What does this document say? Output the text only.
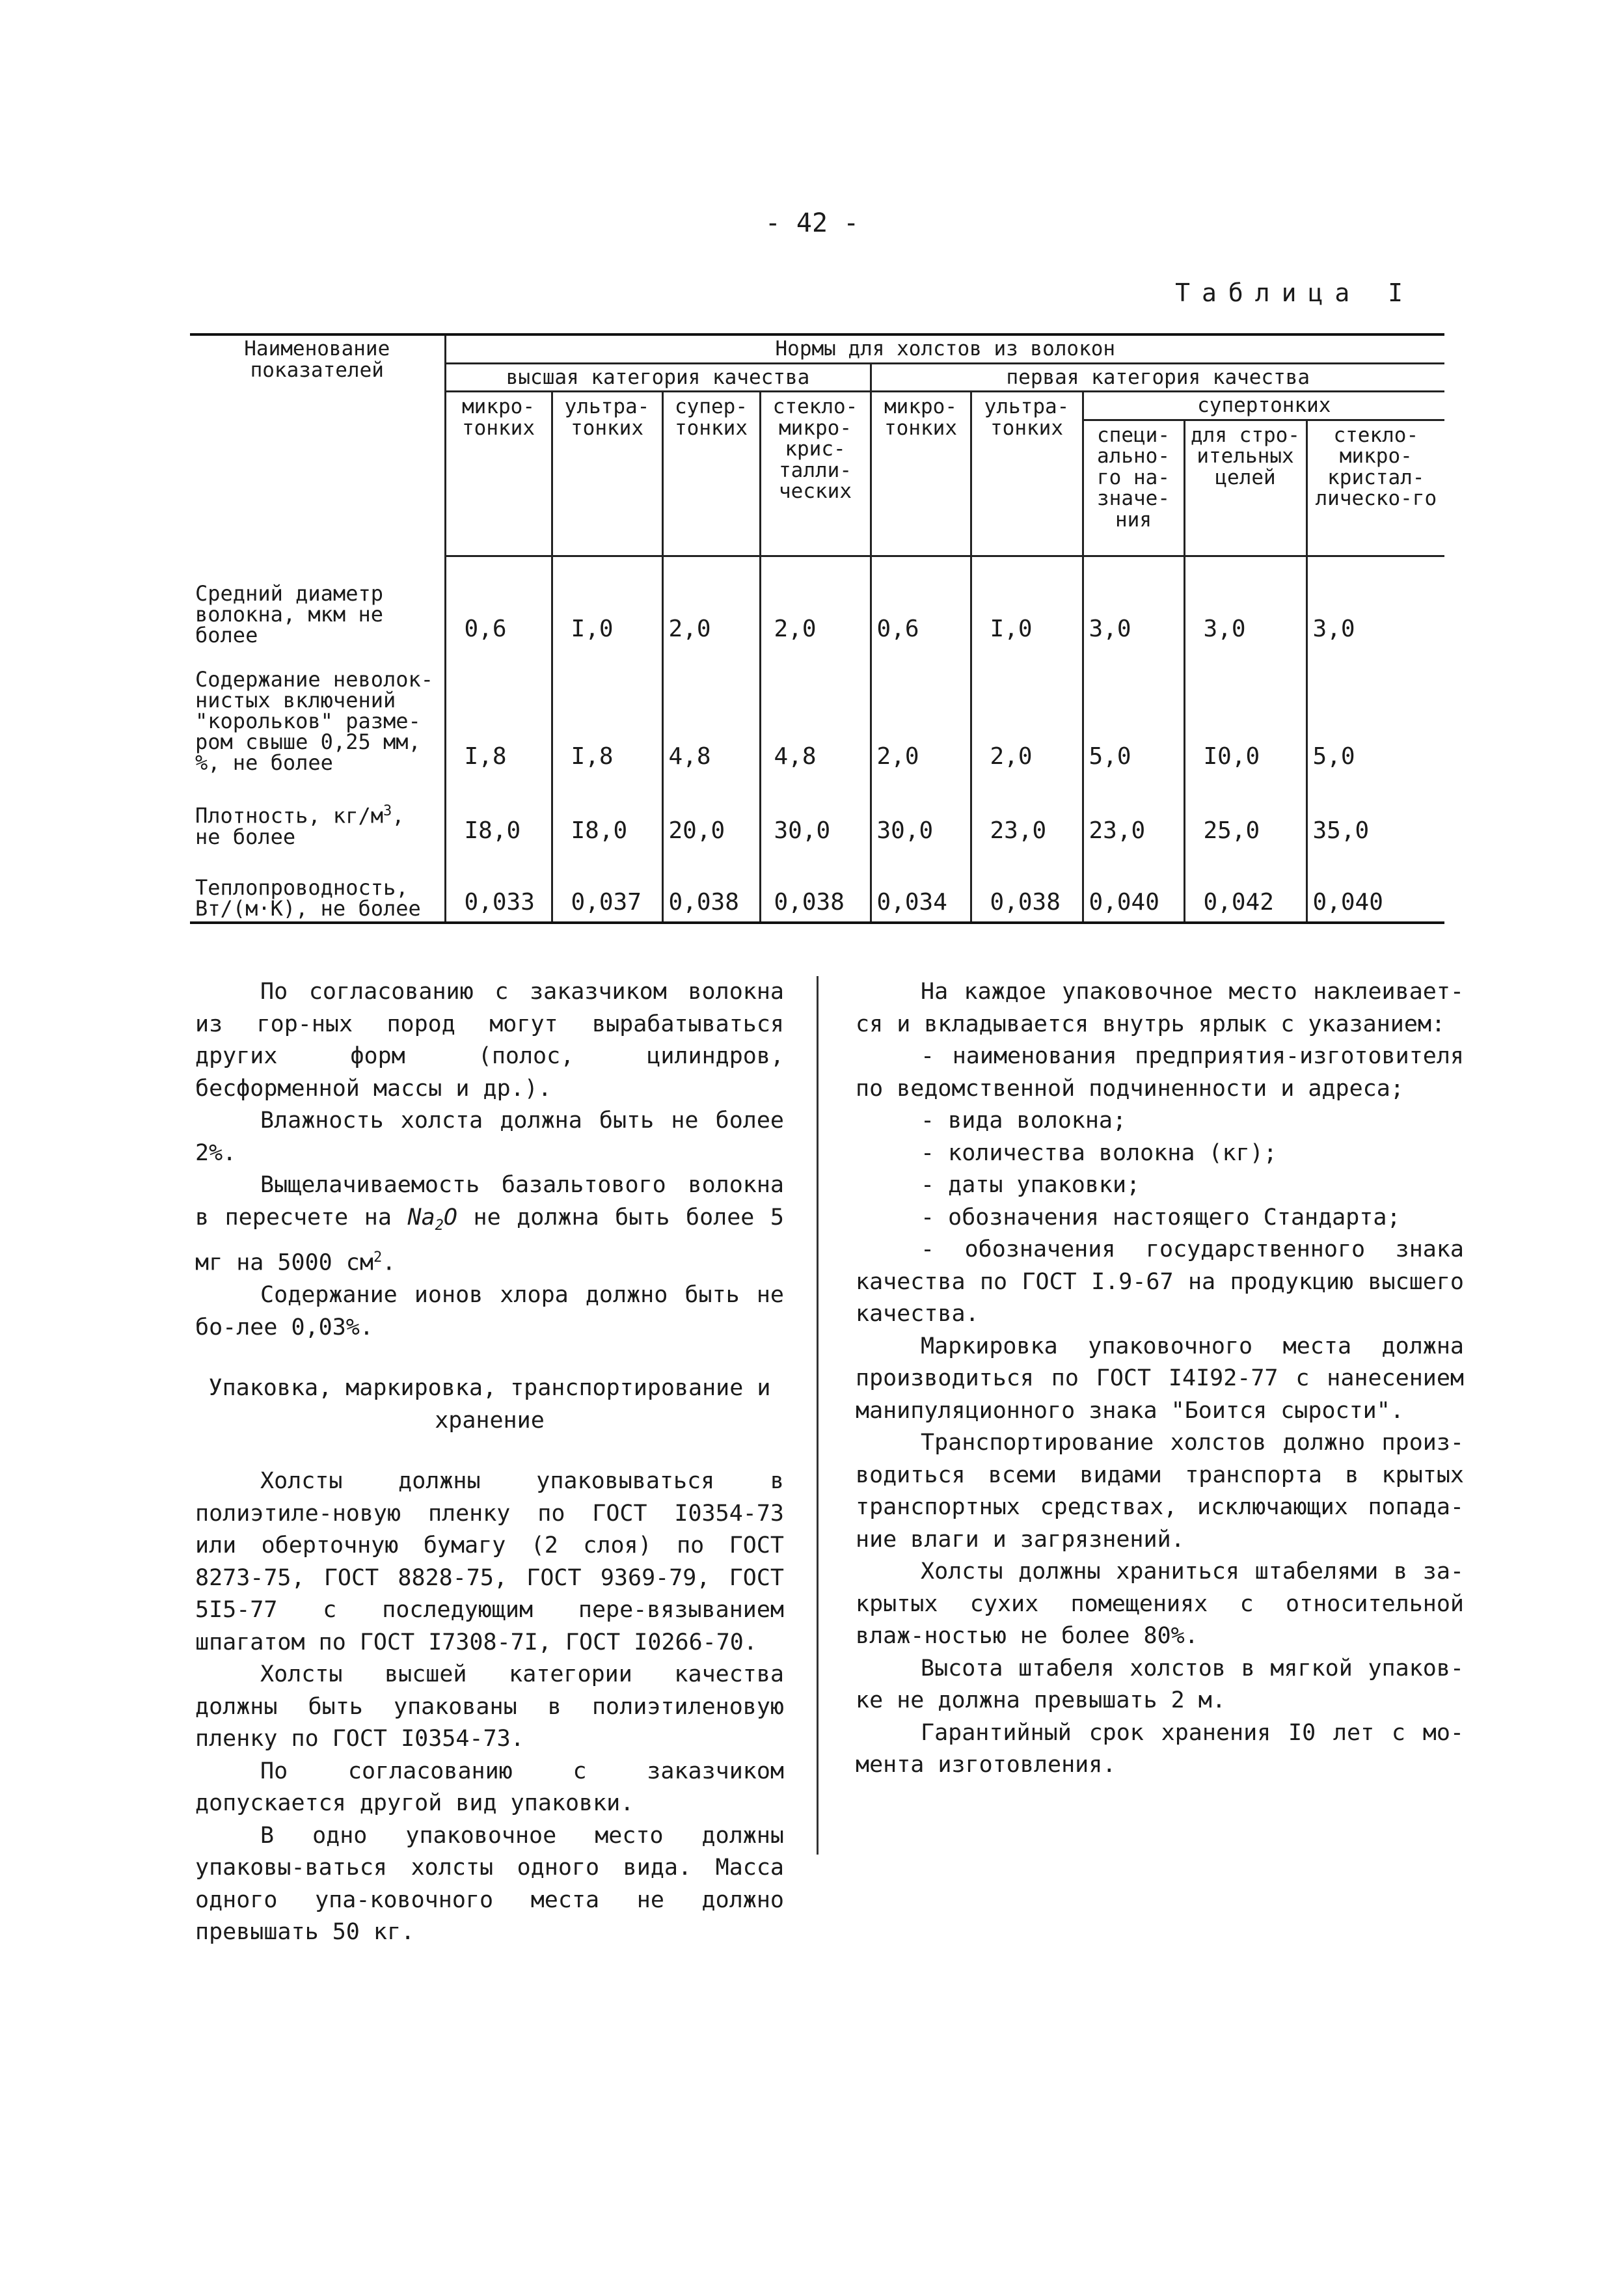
- 42 -
Таблица I
Наименование показателей	Нормы для холстов из волокон								
	высшая категория качества				первая категория качества				
	микро-тонких	ультра-тонких	супер-тонких	стекло-микро-крис-талли-ческих	микро-тонких	ультра-тонких	супертонких		
							специ-ально-го на-значе-ния	для стро-ительных целей	стекло-микро-кристал-лическо-го
Средний диаметр волокна, мкм не более	0,6	I,0	2,0	2,0	0,6	I,0	3,0	3,0	3,0
Содержание неволок-нистых включений "корольков" разме-ром свыше 0,25 мм, %, не более	I,8	I,8	4,8	4,8	2,0	2,0	5,0	I0,0	5,0
Плотность, $кг/м^3$, не более	I8,0	I8,0	20,0	30,0	30,0	23,0	23,0	25,0	35,0
Теплопроводность, Вт/(м·К), не более	0,033	0,037	0,038	0,038	0,034	0,038	0,040	0,042	0,040

По согласованию с заказчиком волокна из гор-ных пород могут вырабатываться других форм (полос, цилиндров, бесформенной массы и др.).

Влажность холста должна быть не более 2%.

Выщелачиваемость базальтового волокна в пересчете на $Na_2O$ не должна быть более 5 мг на 5000 $см^2$.

Содержание ионов хлора должно быть не бо-лее 0,03%.

Упаковка, маркировка, транспортирование и хранение

Холсты должны упаковываться в полиэтиле-новую пленку по ГОСТ I0354-73 или оберточную бумагу (2 слоя) по ГОСТ 8273-75, ГОСТ 8828-75, ГОСТ 9369-79, ГОСТ 5I5-77 с последующим пере-вязыванием шпагатом по ГОСТ I7308-7I, ГОСТ I0266-70.

Холсты высшей категории качества должны быть упакованы в полиэтиленовую пленку по ГОСТ I0354-73.

По согласованию с заказчиком допускается другой вид упаковки.

В одно упаковочное место должны упаковы-ваться холсты одного вида. Масса одного упа-ковочного места не должно превышать 50 кг.

На каждое упаковочное место наклеивает-ся и вкладывается внутрь ярлык с указанием:

- наименования предприятия-изготовителя по ведомственной подчиненности и адреса;

- вида волокна;

- количества волокна (кг);

- даты упаковки;

- обозначения настоящего Стандарта;

- обозначения государственного знака качества по ГОСТ I.9-67 на продукцию высшего качества.

Маркировка упаковочного места должна производиться по ГОСТ I4I92-77 с нанесением манипуляционного знака "Боится сырости".

Транспортирование холстов должно произ-водиться всеми видами транспорта в крытых транспортных средствах, исключающих попада-ние влаги и загрязнений.

Холсты должны храниться штабелями в за-крытых сухих помещениях с относительной влаж-ностью не более 80%.

Высота штабеля холстов в мягкой упаков-ке не должна превышать 2 м.

Гарантийный срок хранения I0 лет с мо-мента изготовления.
